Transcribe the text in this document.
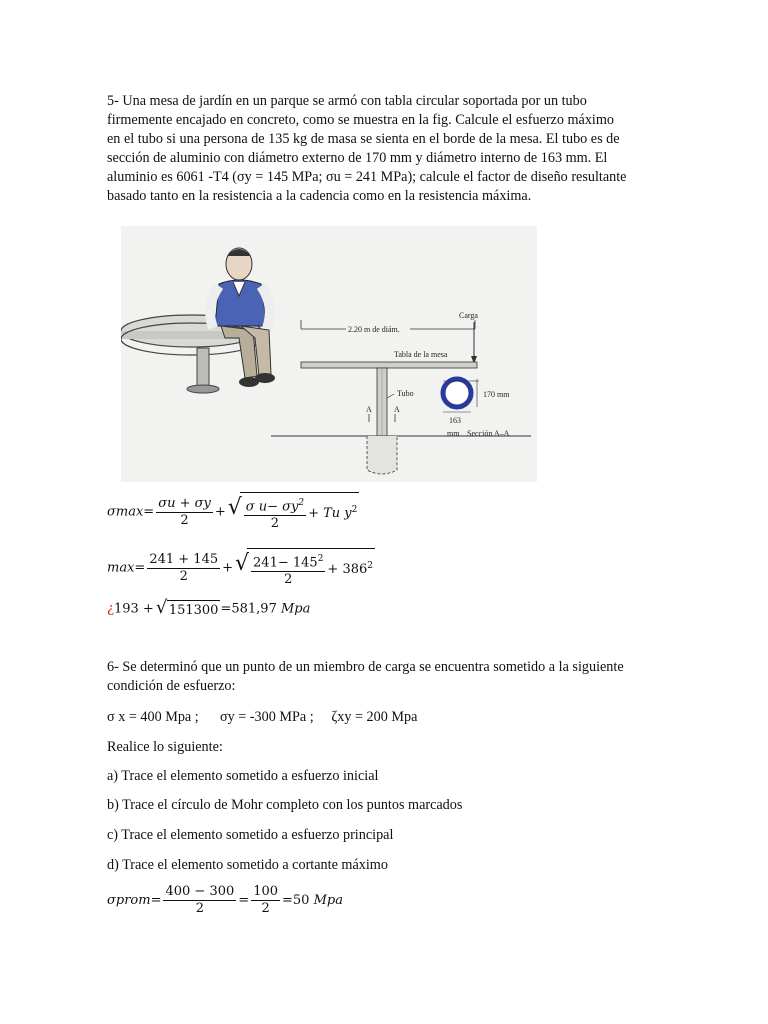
5- Una mesa de jardín en un parque se armó con tabla circular soportada por un tubo
firmemente encajado en concreto, como se muestra en la fig. Calcule el esfuerzo máximo
en el tubo si una persona de 135 kg de masa se sienta en el borde de la mesa. El tubo es de
sección de aluminio con diámetro externo de 170 mm y diámetro interno de 163 mm. El
aluminio es 6061 -T4 (σy = 145 MPa; σu = 241 MPa); calcule el factor de diseño resultante
basado tanto en la resistencia a la cadencia como en la resistencia máxima.

2.20 m de diám.
Carga
Tabla de la mesa
Tubo
A	A
170 mm
163
mm Sección A–A
$\sigma\max= \frac{\sigma u + \sigma y}{2}$ + √ $\frac{\sigma u- \sigma y^2}{2} + Tu$ $y^2$
$\max= \frac{241 + 145}{2}$ + √ $\frac{241- 145^2}{2} + 386^2$
¿193 + √ 151300 =581,97 Mpa

6- Se determinó que un punto de un miembro de carga se encuentra sometido a la siguiente
condición de esfuerzo:

σ x = 400 Mpa ;      σy = -300 MPa ;     ζxy = 200 Mpa

Realice lo siguiente:

a) Trace el elemento sometido a esfuerzo inicial

b) Trace el círculo de Mohr completo con los puntos marcados

c) Trace el elemento sometido a esfuerzo principal

d) Trace el elemento sometido a cortante máximo

σprom= $\frac{400 - 300}{2} = \frac{100}{2} =50$ Mpa
